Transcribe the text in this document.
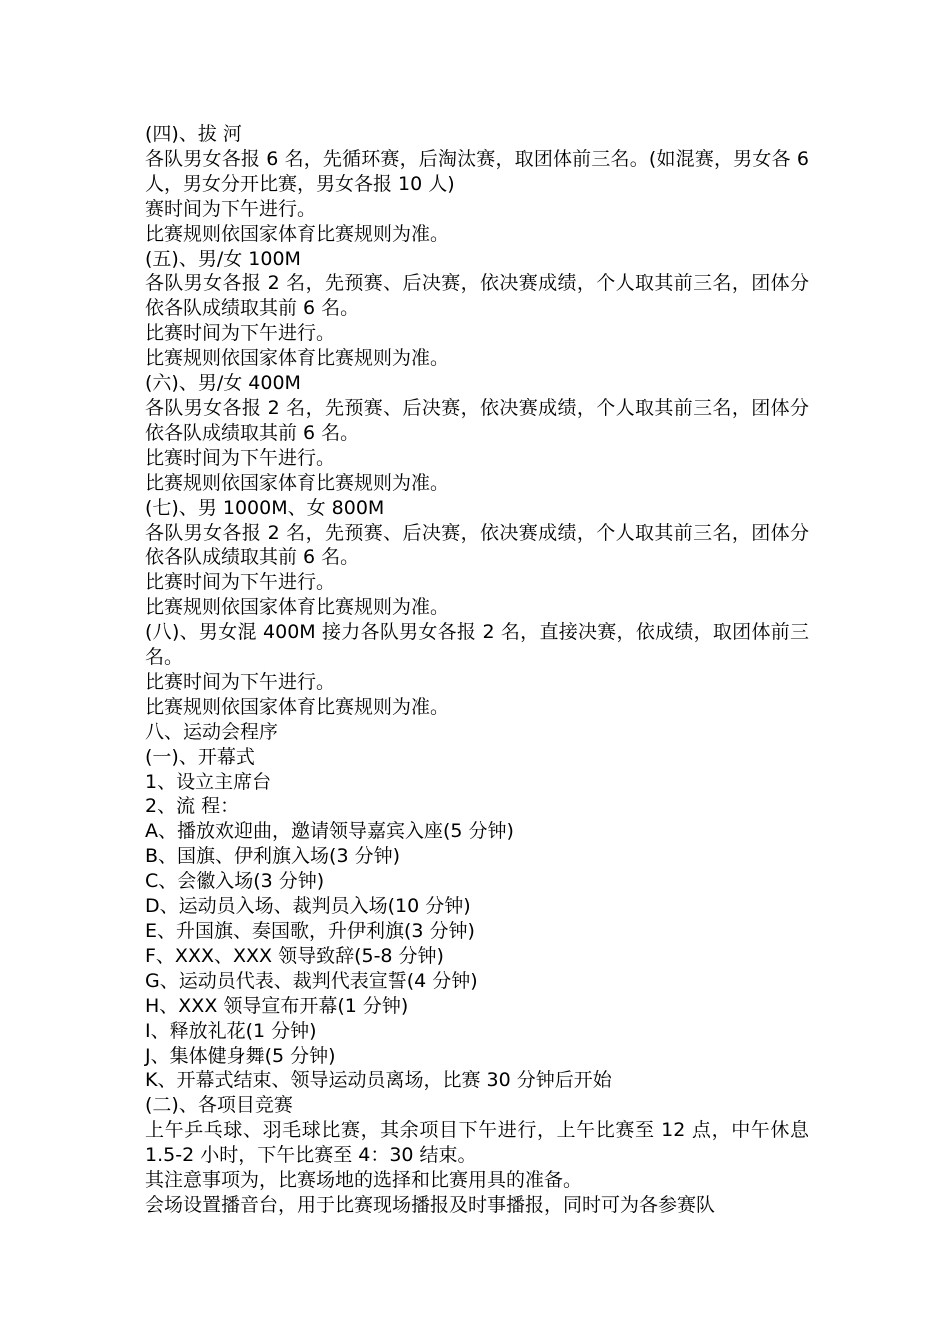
(四)、拔 河

各队男女各报 6 名，先循环赛，后淘汰赛，取团体前三名。(如混赛，男女各 6 人，男女分开比赛，男女各报 10 人)

赛时间为下午进行。

比赛规则依国家体育比赛规则为准。

(五)、男/女 100M

各队男女各报 2 名，先预赛、后决赛，依决赛成绩，个人取其前三名，团体分依各队成绩取其前 6 名。

比赛时间为下午进行。

比赛规则依国家体育比赛规则为准。

(六)、男/女 400M

各队男女各报 2 名，先预赛、后决赛，依决赛成绩，个人取其前三名，团体分依各队成绩取其前 6 名。

比赛时间为下午进行。

比赛规则依国家体育比赛规则为准。

(七)、男 1000M、女 800M

各队男女各报 2 名，先预赛、后决赛，依决赛成绩，个人取其前三名，团体分依各队成绩取其前 6 名。

比赛时间为下午进行。

比赛规则依国家体育比赛规则为准。

(八)、男女混 400M 接力各队男女各报 2 名，直接决赛，依成绩，取团体前三名。

比赛时间为下午进行。

比赛规则依国家体育比赛规则为准。

八、运动会程序

(一)、开幕式

1、设立主席台

2、流 程：

A、播放欢迎曲，邀请领导嘉宾入座(5 分钟)

B、国旗、伊利旗入场(3 分钟)

C、会徽入场(3 分钟)

D、运动员入场、裁判员入场(10 分钟)

E、升国旗、奏国歌，升伊利旗(3 分钟)

F、XXX、XXX 领导致辞(5-8 分钟)

G、运动员代表、裁判代表宣誓(4 分钟)

H、XXX 领导宣布开幕(1 分钟)

I、释放礼花(1 分钟)

J、集体健身舞(5 分钟)

K、开幕式结束、领导运动员离场，比赛 30 分钟后开始

(二)、各项目竞赛

上午乒乓球、羽毛球比赛，其余项目下午进行，上午比赛至 12 点，中午休息 1.5-2 小时，下午比赛至 4：30 结束。

其注意事项为，比赛场地的选择和比赛用具的准备。

会场设置播音台，用于比赛现场播报及时事播报，同时可为各参赛队
